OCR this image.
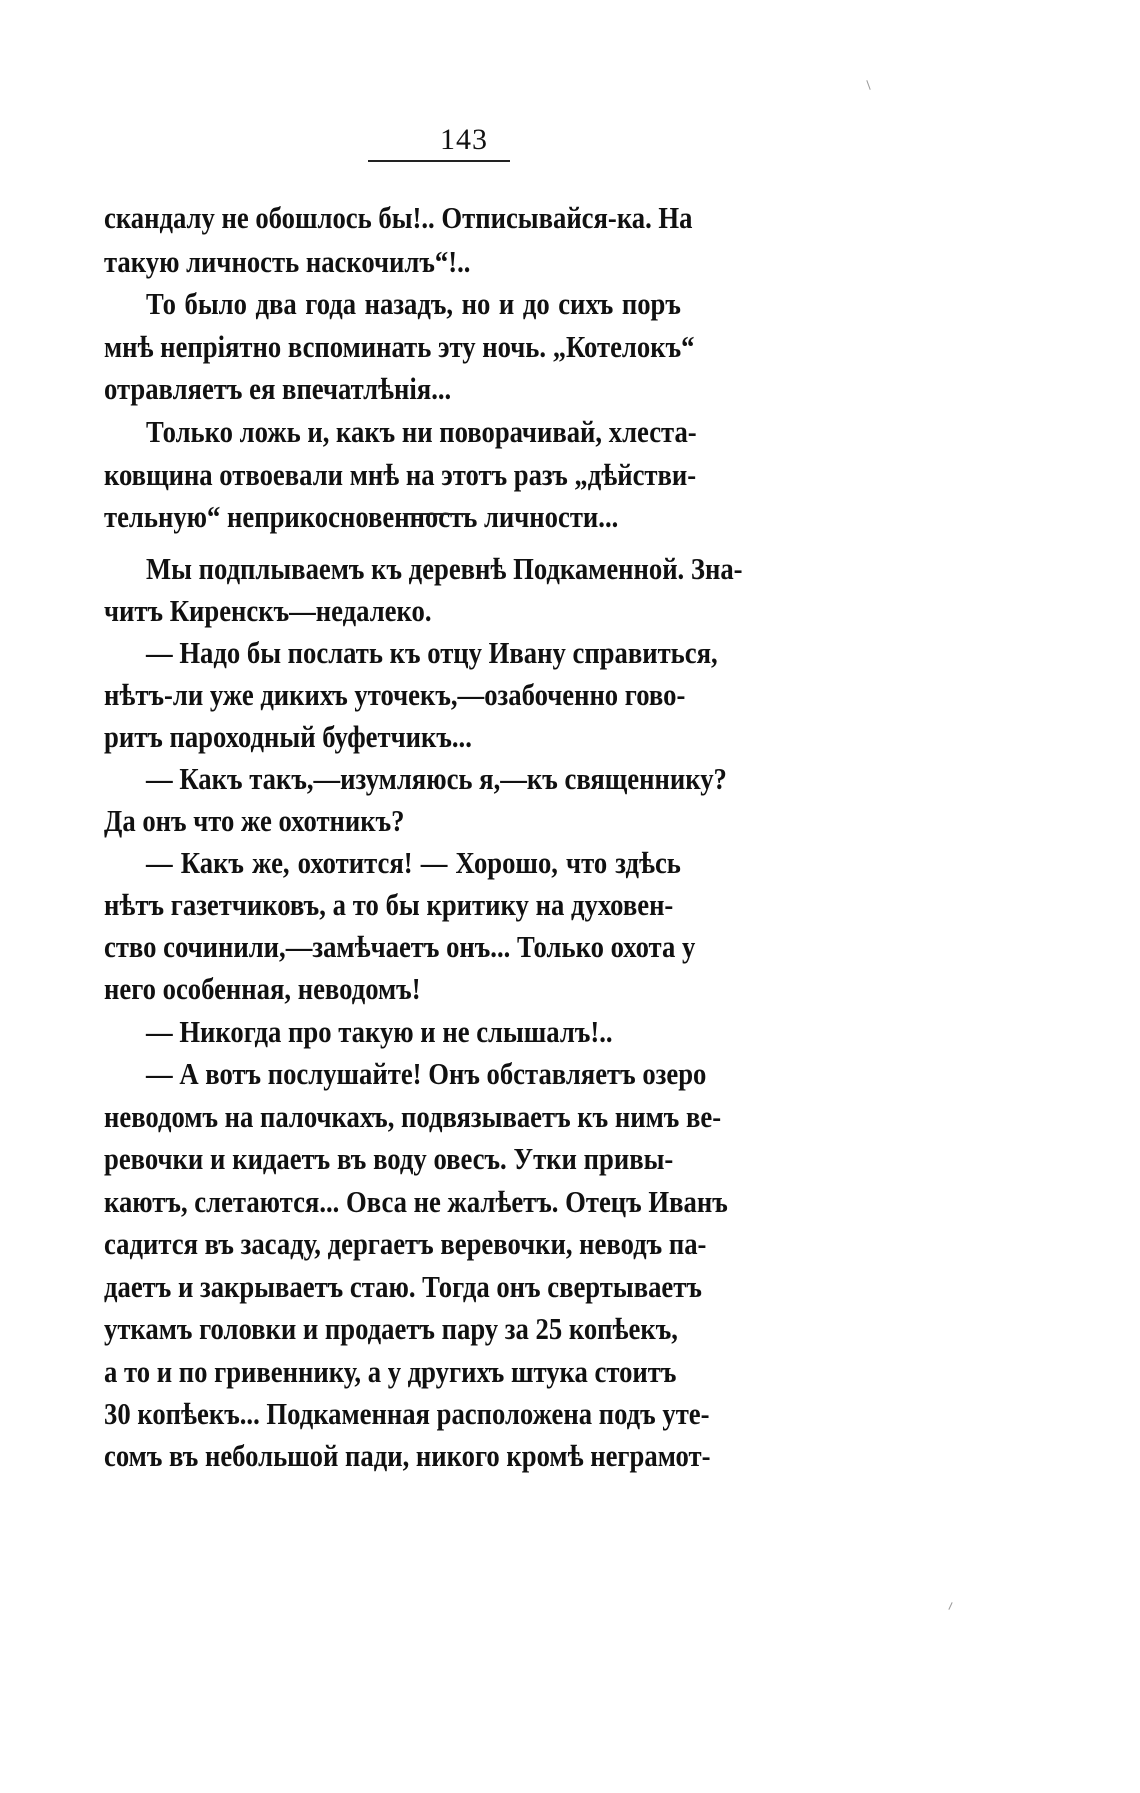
143
скандалу не обошлось бы!.. Отписывайся-ка. На
такую личность наскочилъ“!..
То было два года назадъ, но и до сихъ поръ
мнѣ непріятно вспоминать эту ночь. „Котелокъ“
отравляетъ ея впечатлѣнія...
Только ложь и, какъ ни поворачивай, хлеста-
ковщина отвоевали мнѣ на этотъ разъ „дѣйстви-
тельную“ неприкосновенность личности...
Мы подплываемъ къ деревнѣ Подкаменной. Зна-
читъ Киренскъ—недалеко.
— Надо бы послать къ отцу Ивану справиться,
нѣтъ-ли уже дикихъ уточекъ,—озабоченно гово-
ритъ пароходный буфетчикъ...
— Какъ такъ,—изумляюсь я,—къ священнику?
Да онъ что же охотникъ?
— Какъ же, охотится! — Хорошо, что здѣсь
нѣтъ газетчиковъ, а то бы критику на духовен-
ство сочинили,—замѣчаетъ онъ... Только охота у
него особенная, неводомъ!
— Никогда про такую и не слышалъ!..
— А вотъ послушайте! Онъ обставляетъ озеро
неводомъ на палочкахъ, подвязываетъ къ нимъ ве-
ревочки и кидаетъ въ воду овесъ. Утки привы-
каютъ, слетаются... Овса не жалѣетъ. Отецъ Иванъ
садится въ засаду, дергаетъ веревочки, неводъ па-
даетъ и закрываетъ стаю. Тогда онъ свертываетъ
уткамъ головки и продаетъ пару за 25 копѣекъ,
а то и по гривеннику, а у другихъ штука стоитъ
30 копѣекъ... Подкаменная расположена подъ утe-
сомъ въ небольшой пади, никого кромѣ неграмот-
